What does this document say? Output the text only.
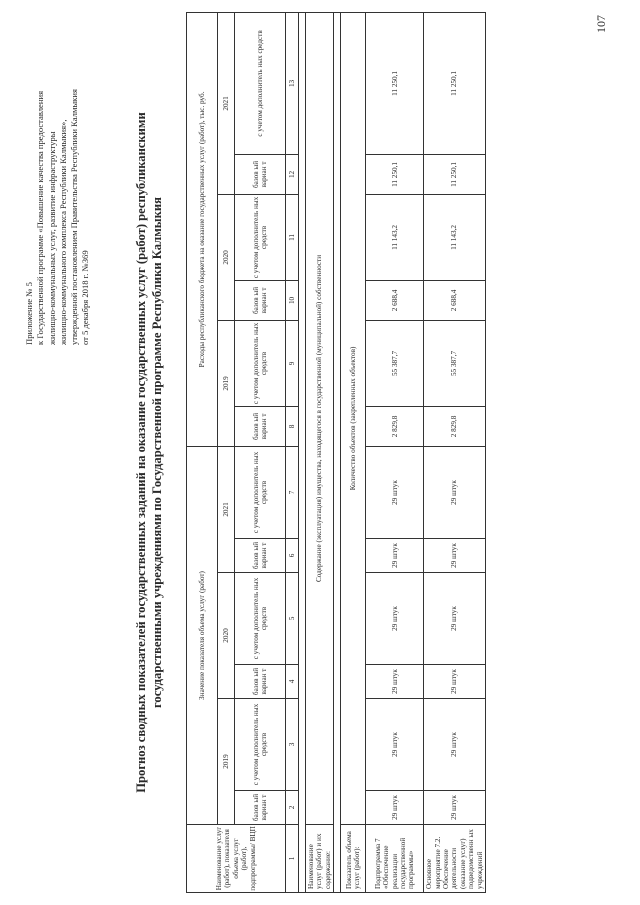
Приложение № 5 к Государственной программе «Повышение качества предоставления жилищно-коммунальных услуг, развитие инфраструктуры жилищно-коммунального комплекса Республики Калмыкия», утвержденной постановлением Правительства Республики Калмыкия от 5 декабря 2018 г. №369	Прогноз сводных показателей государственных заданий на оказание государственных услуг (работ) республиканскими государственными учреждениями по Государственной программе Республики Калмыкия
Наименование услуг (работ), показателя объема услуг (работ), подпрограммы/ ВЦП	Значение показателя объема услуг (работ)						Расходы республиканского бюджета на оказание государственных услуг (работ), тыс. руб.					
	2019		2020		2021		2019		2020		2021	
	базов ый вариан т	с учетом дополнитель ных средств	базов ый вариан т	с учетом дополнитель ных средств	базов ый вариан т	с учетом дополнитель ных средств	базов ый вариан т	с учетом дополнитель ных средств	базов ый вариан т	с учетом дополнитель ных средств	базов ый вариан т	с учетом дополнитель ных средств
1	2	3	4	5	6	7	8	9	10	11	12	13

Наименование услуг (работ) и их содержание:	Содержание (эксплуатация) имущества, находящегося в государственной (муниципальной) собственности											

Показатель объема услуг (работ):	Количество объектов (закрепленных объектов)											
Подпрограмма 7 «Обеспечение реализации государственной программы»	29 штук	29 штук	29 штук	29 штук	29 штук	29 штук	2 829,8	55 387,7	2 688,4	11 143,2	11 250,1	11 250,1
Основное мероприятие 7.2. Обеспечение деятельности (оказание услуг) подведомственн ых учреждений	29 штук	29 штук	29 штук	29 штук	29 штук	29 штук	2 829,8	55 387,7	2 688,4	11 143,2	11 250,1	11 250,1
107
